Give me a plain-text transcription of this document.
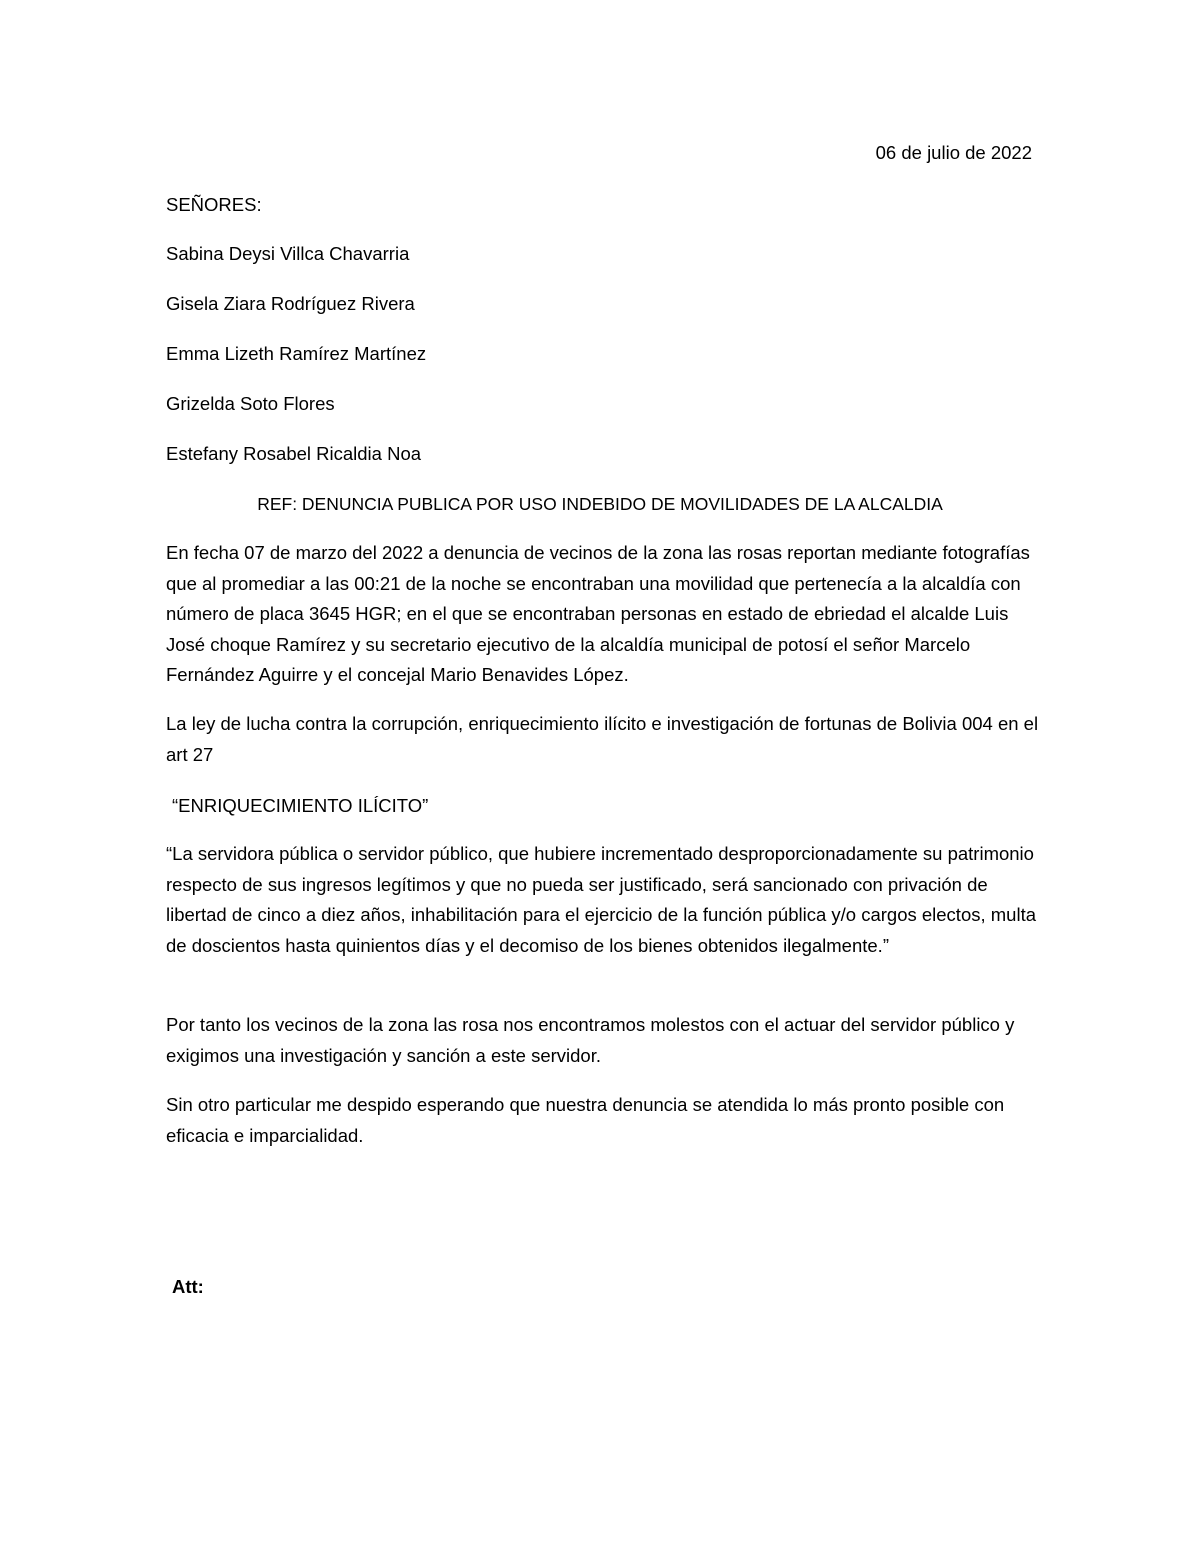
06 de julio de 2022
SEÑORES:
Sabina Deysi Villca Chavarria
Gisela Ziara Rodríguez Rivera
Emma Lizeth Ramírez Martínez
Grizelda Soto Flores
Estefany Rosabel Ricaldia Noa
REF: DENUNCIA PUBLICA POR USO INDEBIDO DE MOVILIDADES DE LA ALCALDIA

En fecha 07 de marzo del 2022 a denuncia de vecinos de la zona las rosas reportan mediante fotografías que al promediar a las 00:21 de la noche se encontraban una movilidad que pertenecía a la alcaldía con número de placa 3645 HGR; en el que se encontraban personas en estado de ebriedad el alcalde Luis José choque Ramírez y su secretario ejecutivo de la alcaldía municipal de potosí el señor Marcelo Fernández Aguirre y el concejal Mario Benavides López.

La ley de lucha contra la corrupción, enriquecimiento ilícito e investigación de fortunas de Bolivia 004 en el art 27

“ENRIQUECIMIENTO ILÍCITO”

“La servidora pública o servidor público, que hubiere incrementado desproporcionadamente su patrimonio respecto de sus ingresos legítimos y que no pueda ser justificado, será sancionado con privación de libertad de cinco a diez años, inhabilitación para el ejercicio de la función pública y/o cargos electos, multa de doscientos hasta quinientos días y el decomiso de los bienes obtenidos ilegalmente.”

Por tanto los vecinos de la zona las rosa nos encontramos molestos con el actuar del servidor público y exigimos una investigación y sanción a este servidor.

Sin otro particular me despido esperando que nuestra denuncia se atendida lo más pronto posible con eficacia e imparcialidad.

Att:
